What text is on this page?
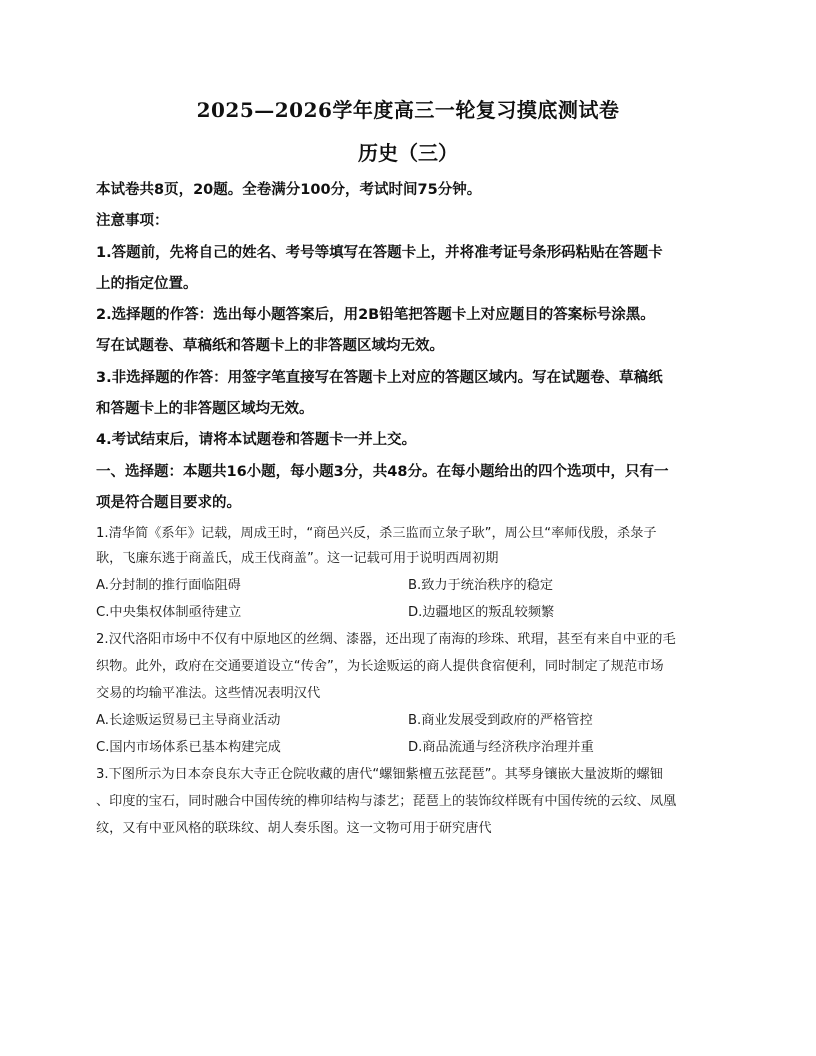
2025—2026学年度高三一轮复习摸底测试卷
历史（三）
本试卷共8页，20题。全卷满分100分，考试时间75分钟。
注意事项：
1.答题前，先将自己的姓名、考号等填写在答题卡上，并将准考证号条形码粘贴在答题卡
上的指定位置。
2.选择题的作答：选出每小题答案后，用2B铅笔把答题卡上对应题目的答案标号涂黑。
写在试题卷、草稿纸和答题卡上的非答题区域均无效。
3.非选择题的作答：用签字笔直接写在答题卡上对应的答题区域内。写在试题卷、草稿纸
和答题卡上的非答题区域均无效。
4.考试结束后，请将本试题卷和答题卡一并上交。
一、选择题：本题共16小题，每小题3分，共48分。在每小题给出的四个选项中，只有一
项是符合题目要求的。
1.清华简《系年》记载，周成王时，“商邑兴反，杀三监而立彔子耿”，周公旦“率师伐殷，杀彔子
耿，飞廉东逃于商盖氏，成王伐商盖”。这一记载可用于说明西周初期
A.分封制的推行面临阻碍	B.致力于统治秩序的稳定
C.中央集权体制亟待建立	D.边疆地区的叛乱较频繁
2.汉代洛阳市场中不仅有中原地区的丝绸、漆器，还出现了南海的珍珠、玳瑁，甚至有来自中亚的毛
织物。此外，政府在交通要道设立“传舍”，为长途贩运的商人提供食宿便利，同时制定了规范市场
交易的均输平准法。这些情况表明汉代
A.长途贩运贸易已主导商业活动	B.商业发展受到政府的严格管控
C.国内市场体系已基本构建完成	D.商品流通与经济秩序治理并重
3.下图所示为日本奈良东大寺正仓院收藏的唐代“螺钿紫檀五弦琵琶”。其琴身镶嵌大量波斯的螺钿
、印度的宝石，同时融合中国传统的榫卯结构与漆艺；琵琶上的装饰纹样既有中国传统的云纹、凤凰
纹，又有中亚风格的联珠纹、胡人奏乐图。这一文物可用于研究唐代
